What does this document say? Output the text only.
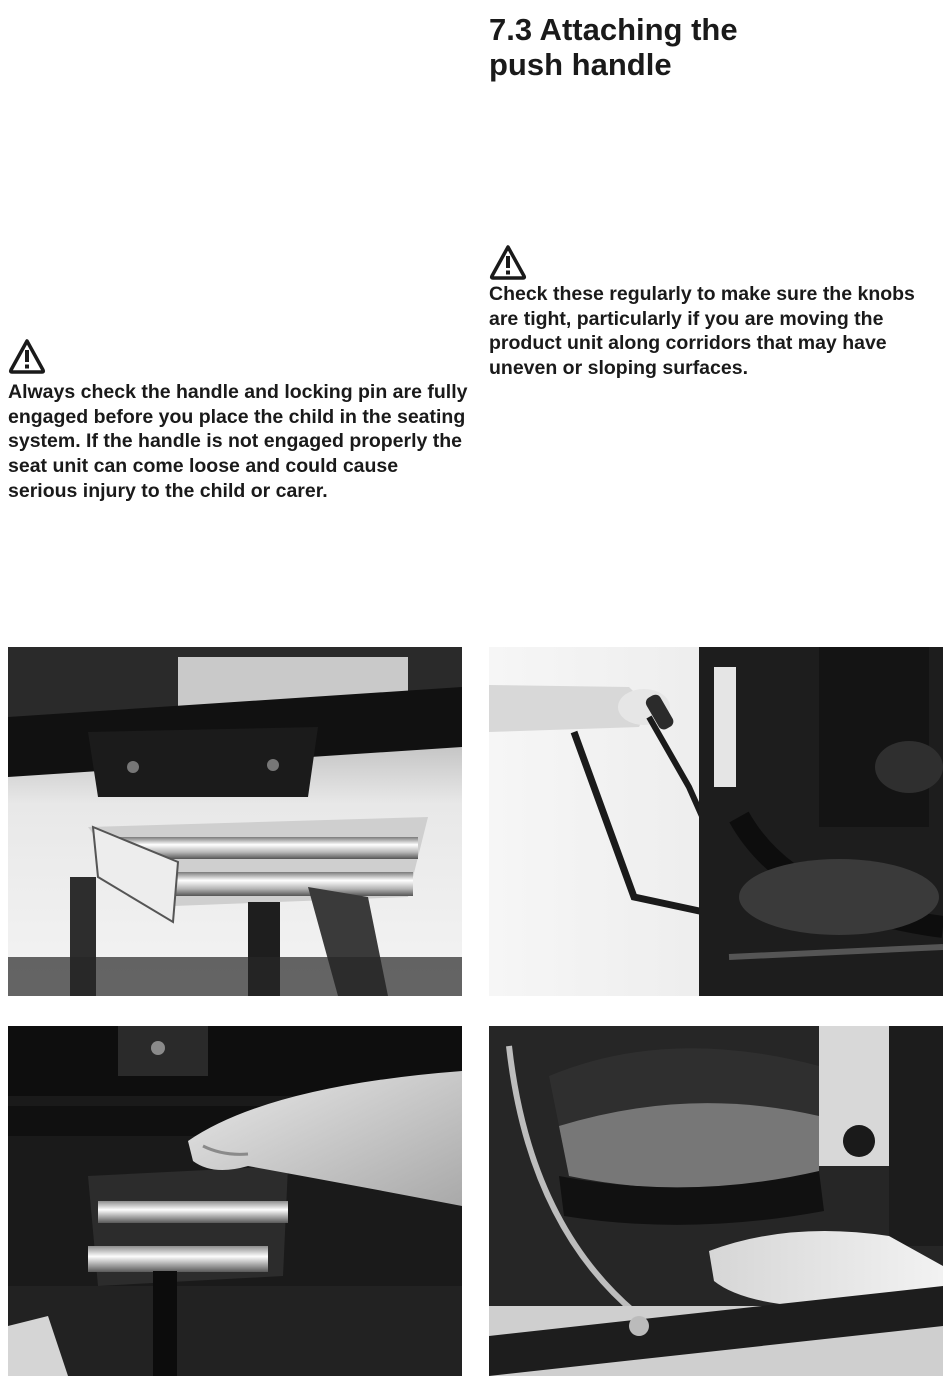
7.3 Attaching the
push handle

Check these regularly to make sure the knobs are tight, particularly if you are moving the product unit along corridors that may have uneven or sloping surfaces.

Always check the handle and locking pin are fully engaged before you place the child in the seating system. If the handle is not engaged properly the seat unit can come loose and could cause serious injury to the child or carer.
